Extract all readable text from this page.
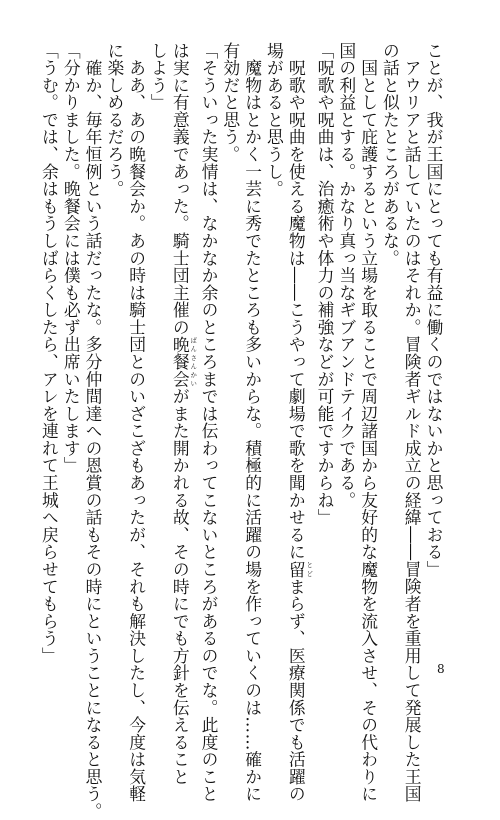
ことが、我が王国にとっても有益に働くのではないかと思っておる」

　アウリアと話していたのはそれか。冒険者ギルド成立の経緯――冒険者を重用して発展した王国

の話と似たところがあるな。

　国として庇護するという立場を取ることで周辺諸国から友好的な魔物を流入させ、その代わりに

国の利益とする。かなり真っ当なギブアンドテイクである。

「呪歌や呪曲は、治癒術や体力の補強などが可能ですからね」

　呪歌や呪曲を使える魔物は――こうやって劇場で歌を聞かせるに留 とどまらず、医療関係でも活躍の

場があると思うし。

　魔物はとかく一芸に秀でたところも多いからな。積極的に活躍の場を作っていくのは……確かに

有効だと思う。

「そういった実情は、なかなか余のところまでは伝わってこないところがあるのでな。此度のこと

は実に有意義であった。騎士団主催の晩餐会 ばんさんかいがまた開かれる故、その時にでも方針を伝えること

しよう」

　ああ、あの晩餐会か。あの時は騎士団とのいざこざもあったが、それも解決したし、今度は気軽

に楽しめるだろう。

　確か、毎年恒例という話だったな。多分仲間達への恩賞の話もその時にということになると思う。

「分かりました。晩餐会には僕も必ず出席いたします」

「うむ。では、余はもうしばらくしたら、アレを連れて王城へ戻らせてもらう」

8
